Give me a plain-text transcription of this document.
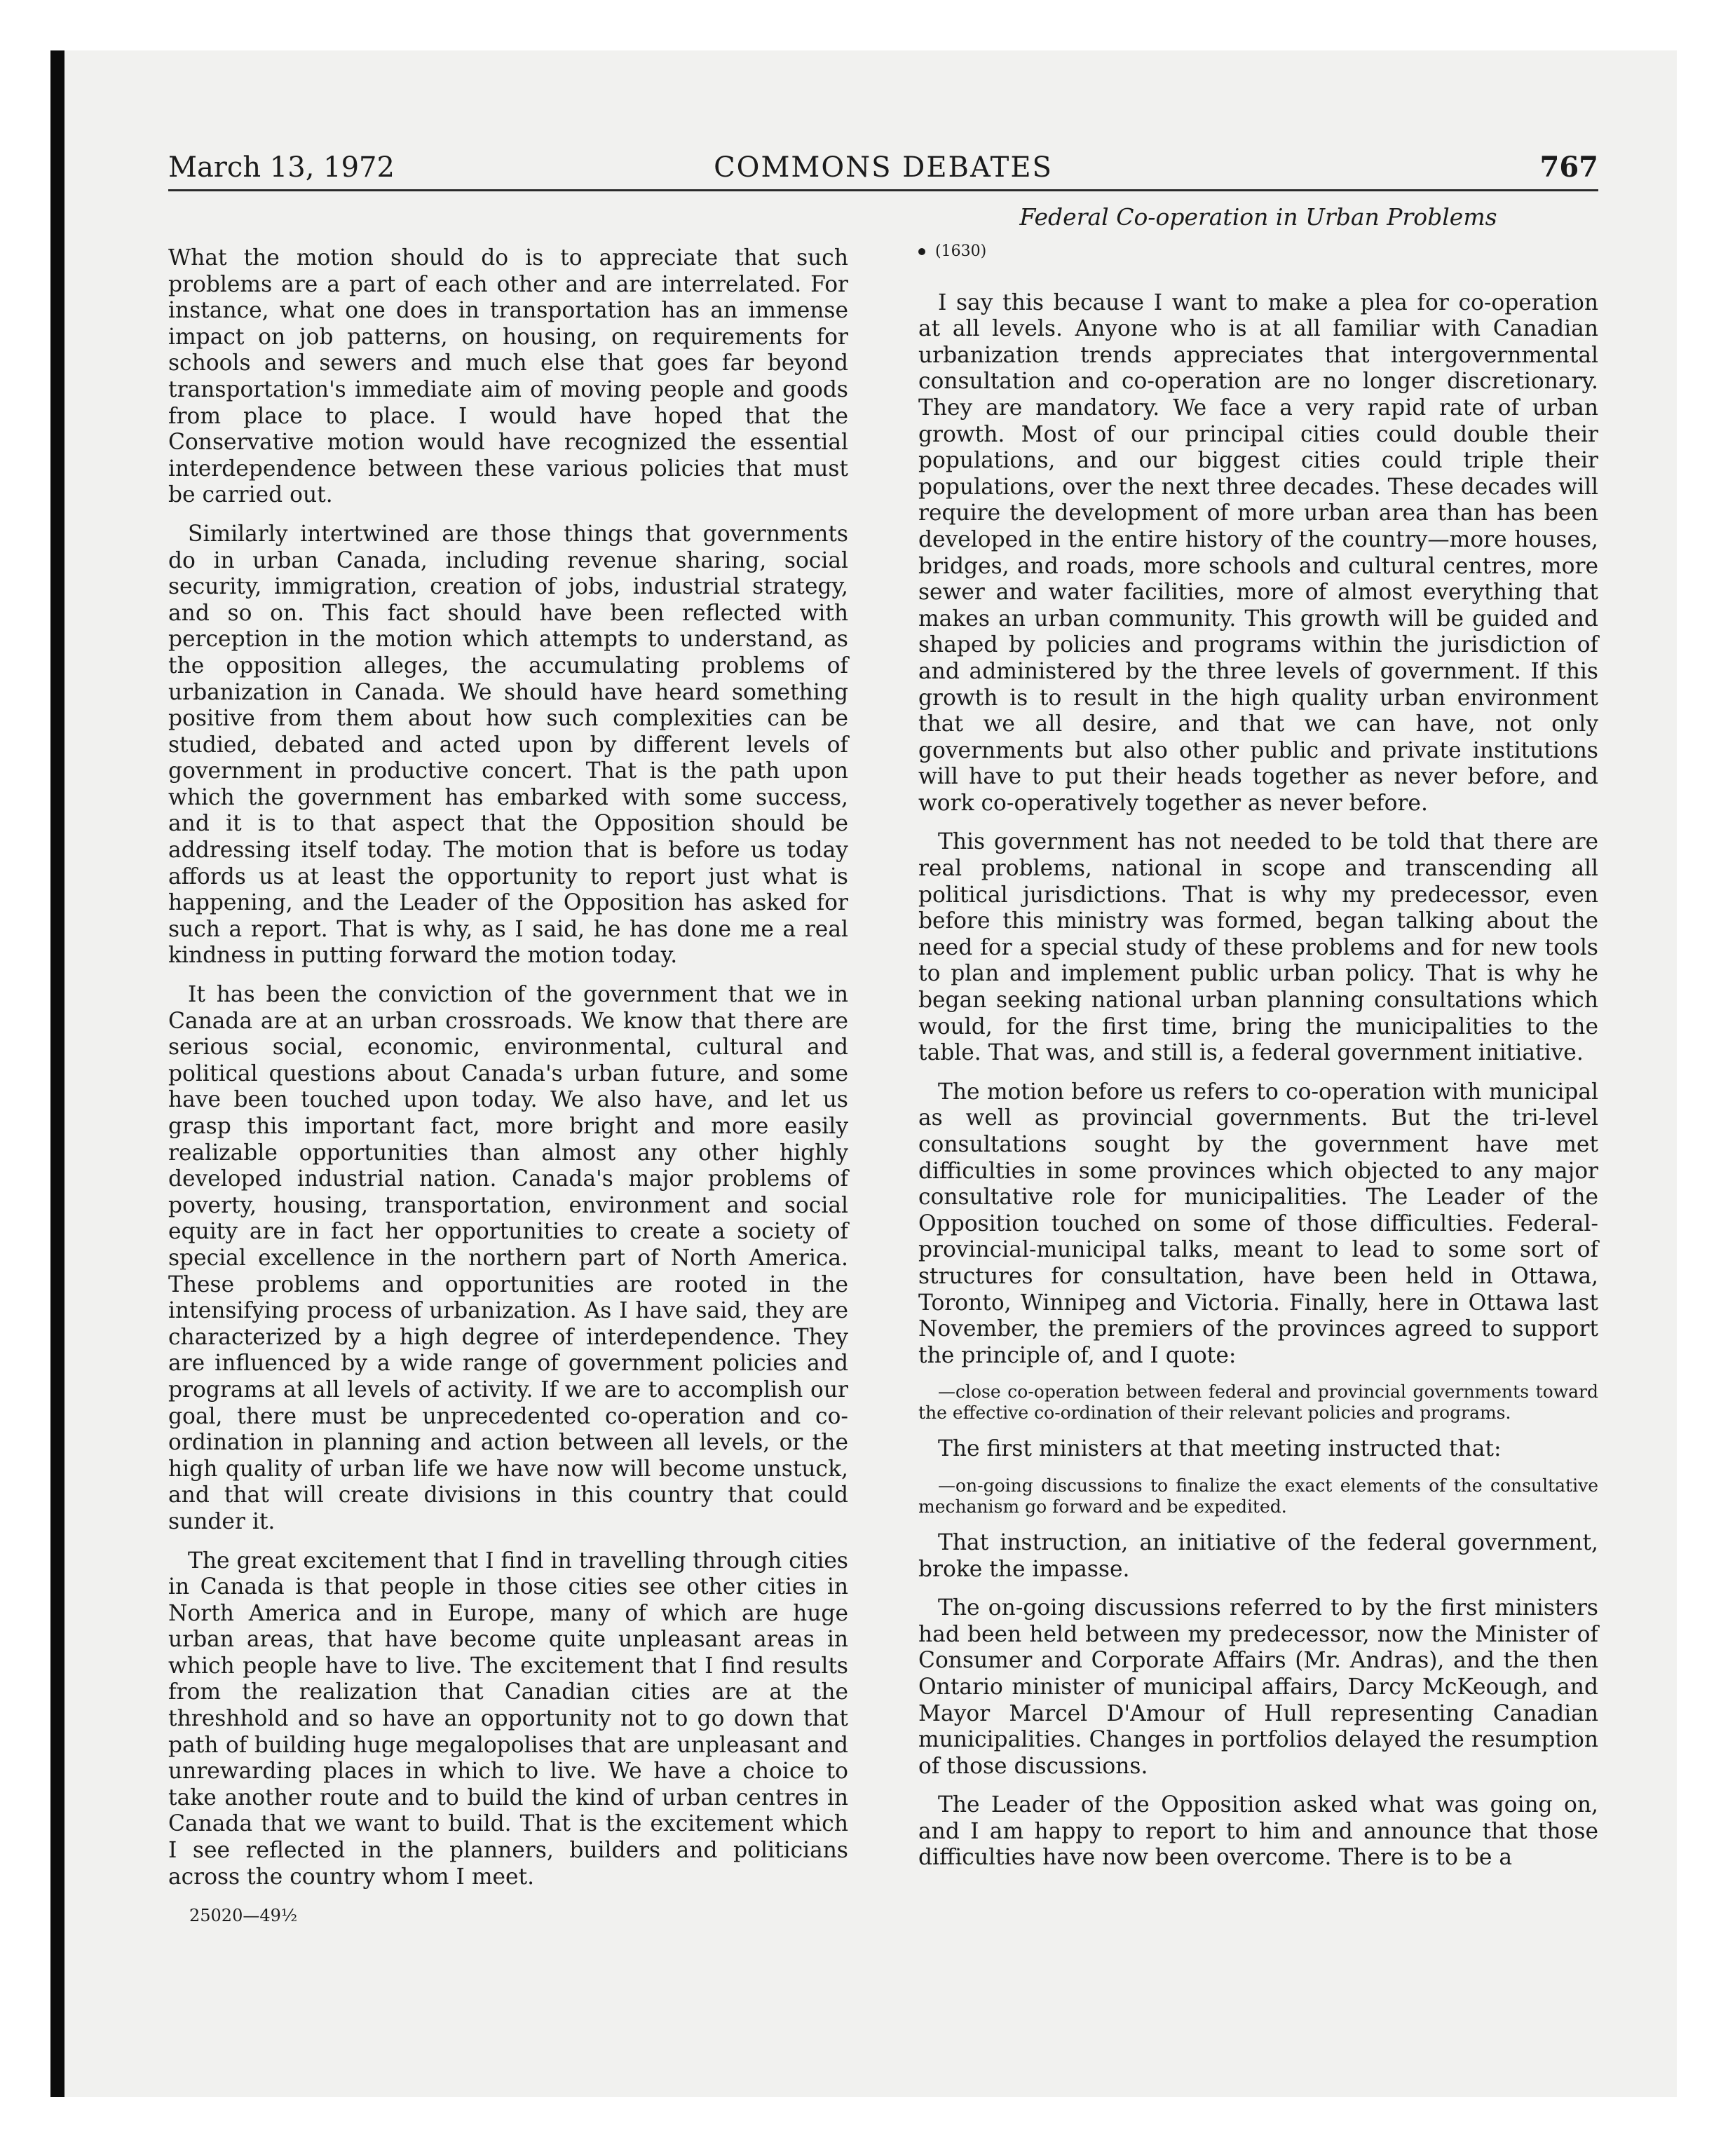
March 13, 1972	COMMONS DEBATES	767

What the motion should do is to appreciate that such problems are a part of each other and are interrelated. For instance, what one does in transportation has an immense impact on job patterns, on housing, on requirements for schools and sewers and much else that goes far beyond transportation's immediate aim of moving people and goods from place to place. I would have hoped that the Conservative motion would have recognized the essential interdependence between these various policies that must be carried out.

Similarly intertwined are those things that governments do in urban Canada, including revenue sharing, social security, immigration, creation of jobs, industrial strategy, and so on. This fact should have been reflected with perception in the motion which attempts to understand, as the opposition alleges, the accumulating problems of urbanization in Canada. We should have heard something positive from them about how such complexities can be studied, debated and acted upon by different levels of government in productive concert. That is the path upon which the government has embarked with some success, and it is to that aspect that the Opposition should be addressing itself today. The motion that is before us today affords us at least the opportunity to report just what is happening, and the Leader of the Opposition has asked for such a report. That is why, as I said, he has done me a real kindness in putting forward the motion today.

It has been the conviction of the government that we in Canada are at an urban crossroads. We know that there are serious social, economic, environmental, cultural and political questions about Canada's urban future, and some have been touched upon today. We also have, and let us grasp this important fact, more bright and more easily realizable opportunities than almost any other highly developed industrial nation. Canada's major problems of poverty, housing, transportation, environment and social equity are in fact her opportunities to create a society of special excellence in the northern part of North America. These problems and opportunities are rooted in the intensifying process of urbanization. As I have said, they are characterized by a high degree of interdependence. They are influenced by a wide range of government policies and programs at all levels of activity. If we are to accomplish our goal, there must be unprecedented co-operation and co-ordination in planning and action between all levels, or the high quality of urban life we have now will become unstuck, and that will create divisions in this country that could sunder it.

The great excitement that I find in travelling through cities in Canada is that people in those cities see other cities in North America and in Europe, many of which are huge urban areas, that have become quite unpleasant areas in which people have to live. The excitement that I find results from the realization that Canadian cities are at the threshhold and so have an opportunity not to go down that path of building huge megalopolises that are unpleasant and unrewarding places in which to live. We have a choice to take another route and to build the kind of urban centres in Canada that we want to build. That is the excitement which I see reflected in the planners, builders and politicians across the country whom I meet.

25020—49½
Federal Co-operation in Urban Problems
(1630)

I say this because I want to make a plea for co-operation at all levels. Anyone who is at all familiar with Canadian urbanization trends appreciates that intergovernmental consultation and co-operation are no longer discretionary. They are mandatory. We face a very rapid rate of urban growth. Most of our principal cities could double their populations, and our biggest cities could triple their populations, over the next three decades. These decades will require the development of more urban area than has been developed in the entire history of the country—more houses, bridges, and roads, more schools and cultural centres, more sewer and water facilities, more of almost everything that makes an urban community. This growth will be guided and shaped by policies and programs within the jurisdiction of and administered by the three levels of government. If this growth is to result in the high quality urban environment that we all desire, and that we can have, not only governments but also other public and private institutions will have to put their heads together as never before, and work co-operatively together as never before.

This government has not needed to be told that there are real problems, national in scope and transcending all political jurisdictions. That is why my predecessor, even before this ministry was formed, began talking about the need for a special study of these problems and for new tools to plan and implement public urban policy. That is why he began seeking national urban planning consultations which would, for the first time, bring the municipalities to the table. That was, and still is, a federal government initiative.

The motion before us refers to co-operation with municipal as well as provincial governments. But the tri-level consultations sought by the government have met difficulties in some provinces which objected to any major consultative role for municipalities. The Leader of the Opposition touched on some of those difficulties. Federal-provincial-municipal talks, meant to lead to some sort of structures for consultation, have been held in Ottawa, Toronto, Winnipeg and Victoria. Finally, here in Ottawa last November, the premiers of the provinces agreed to support the principle of, and I quote:

—close co-operation between federal and provincial governments toward the effective co-ordination of their relevant policies and programs.

The first ministers at that meeting instructed that:

—on-going discussions to finalize the exact elements of the consultative mechanism go forward and be expedited.

That instruction, an initiative of the federal government, broke the impasse.

The on-going discussions referred to by the first ministers had been held between my predecessor, now the Minister of Consumer and Corporate Affairs (Mr. Andras), and the then Ontario minister of municipal affairs, Darcy McKeough, and Mayor Marcel D'Amour of Hull representing Canadian municipalities. Changes in portfolios delayed the resumption of those discussions.

The Leader of the Opposition asked what was going on, and I am happy to report to him and announce that those difficulties have now been overcome. There is to be a
